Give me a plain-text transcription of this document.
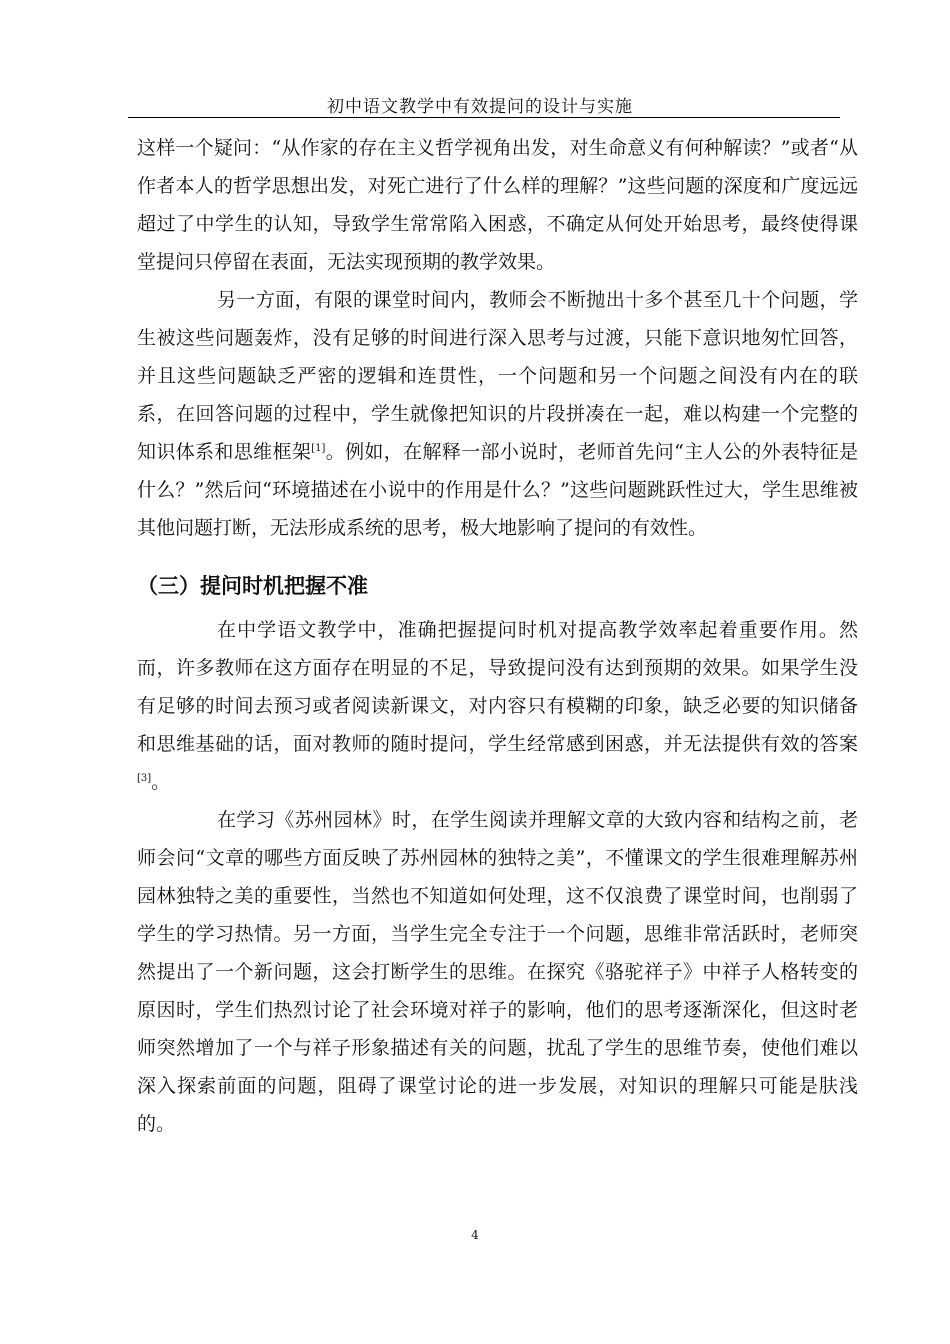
初中语文教学中有效提问的设计与实施

这样一个疑问：“从作家的存在主义哲学视角出发，对生命意义有何种解读？”或者“从作者本人的哲学思想出发，对死亡进行了什么样的理解？”这些问题的深度和广度远远超过了中学生的认知，导致学生常常陷入困惑，不确定从何处开始思考，最终使得课堂提问只停留在表面，无法实现预期的教学效果。

另一方面，有限的课堂时间内，教师会不断抛出十多个甚至几十个问题，学生被这些问题轰炸，没有足够的时间进行深入思考与过渡，只能下意识地匆忙回答，并且这些问题缺乏严密的逻辑和连贯性，一个问题和另一个问题之间没有内在的联系，在回答问题的过程中，学生就像把知识的片段拼凑在一起，难以构建一个完整的知识体系和思维框架[1]。例如，在解释一部小说时，老师首先问“主人公的外表特征是什么？”然后问“环境描述在小说中的作用是什么？”这些问题跳跃性过大，学生思维被其他问题打断，无法形成系统的思考，极大地影响了提问的有效性。

（三）提问时机把握不准

在中学语文教学中，准确把握提问时机对提高教学效率起着重要作用。然而，许多教师在这方面存在明显的不足，导致提问没有达到预期的效果。如果学生没有足够的时间去预习或者阅读新课文，对内容只有模糊的印象，缺乏必要的知识储备和思维基础的话，面对教师的随时提问，学生经常感到困惑，并无法提供有效的答案[3]。

在学习《苏州园林》时，在学生阅读并理解文章的大致内容和结构之前，老师会问“文章的哪些方面反映了苏州园林的独特之美”，不懂课文的学生很难理解苏州园林独特之美的重要性，当然也不知道如何处理，这不仅浪费了课堂时间，也削弱了学生的学习热情。另一方面，当学生完全专注于一个问题，思维非常活跃时，老师突然提出了一个新问题，这会打断学生的思维。在探究《骆驼祥子》中祥子人格转变的原因时，学生们热烈讨论了社会环境对祥子的影响，他们的思考逐渐深化，但这时老师突然增加了一个与祥子形象描述有关的问题，扰乱了学生的思维节奏，使他们难以深入探索前面的问题，阻碍了课堂讨论的进一步发展，对知识的理解只可能是肤浅的。

4
